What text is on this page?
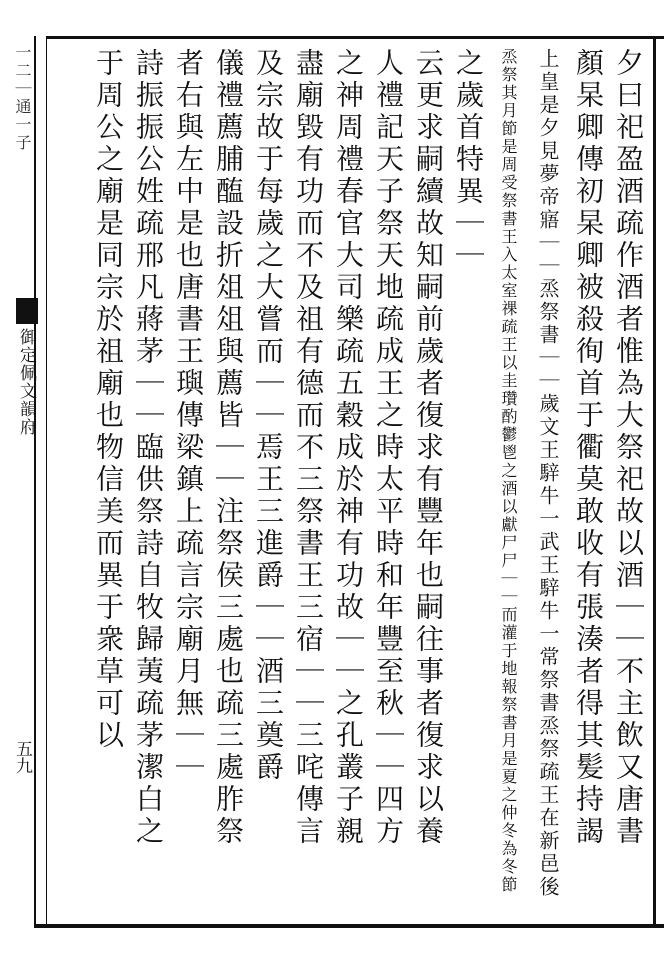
一二｜通一子
御定佩文韻府
五九	夕曰祀盈酒疏作酒者惟為大祭祀故以酒｜｜不主飲又唐書
顏杲卿傳初杲卿被殺徇首于衢莫敢收有張湊者得其髪持謁
上皇是夕見夢帝寤｜｜烝祭書｜｜歲文王騂牛一武王騂牛一常祭書烝祭疏王在新邑後
烝祭其月節是周受祭書王入太室祼疏王以圭瓚酌鬱鬯之酒以獻尸尸｜｜而灌于地報祭書月是夏之仲冬為冬節
之歲首特異｜｜
云更求嗣續故知嗣前歲者復求有豐年也嗣往事者復求以養
人禮記天子祭天地疏成王之時太平時和年豐至秋｜｜四方
之神周禮春官大司樂疏五穀成於神有功故｜｜之孔叢子親
盡廟毀有功而不及祖有德而不三祭書王三宿｜｜三咤傳言
及宗故于每歲之大嘗而｜｜焉王三進爵｜｜酒三奠爵
儀禮薦脯醢設折俎俎與薦皆｜｜注祭侯三處也疏三處胙祭
者右與左中是也唐書王璵傳梁鎮上疏言宗廟月無｜｜
詩振振公姓疏邢凡蔣茅｜｜臨供祭詩自牧歸荑疏茅潔白之
于周公之廟是同宗於祖廟也物信美而異于衆草可以
